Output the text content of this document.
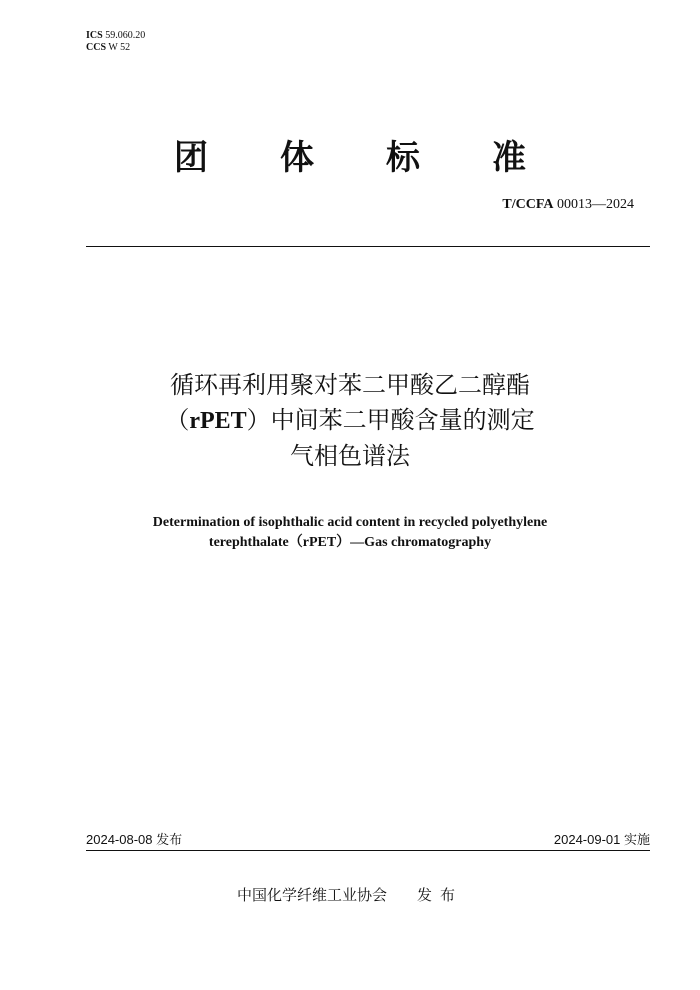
ICS 59.060.20
CCS W 52
团 体 标 准
T/CCFA 00013—2024
循环再利用聚对苯二甲酸乙二醇酯
（rPET）中间苯二甲酸含量的测定
气相色谱法
Determination of isophthalic acid content in recycled polyethylene
terephthalate（rPET）—Gas chromatography
2024-08-08 发布	2024-09-01 实施
中国化学纤维工业协会 发布
